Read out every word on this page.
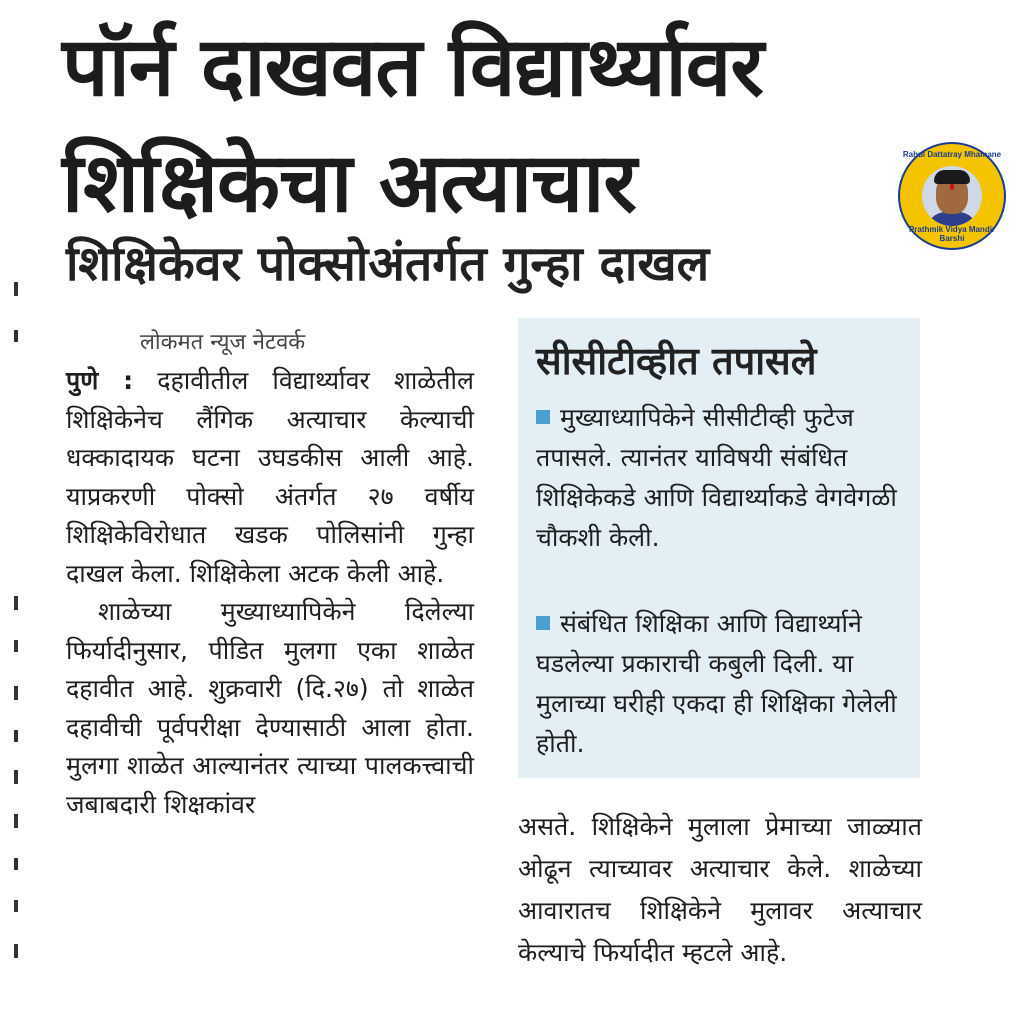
पॉर्न दाखवत विद्यार्थ्यावर
शिक्षिकेचा अत्याचार	Rahul Dattatray Mhamane
Prathmik Vidya Mandir Barshi
शिक्षिकेवर पोक्सोअंतर्गत गुन्हा दाखल
लोकमत न्यूज नेटवर्क

पुणे : दहावीतील विद्यार्थ्यावर शाळेतील शिक्षिकेनेच लैंगिक अत्याचार केल्याची धक्कादायक घटना उघडकीस आली आहे. याप्रकरणी पोक्सो अंतर्गत २७ वर्षीय शिक्षिकेविरोधात खडक पोलिसांनी गुन्हा दाखल केला. शिक्षिकेला अटक केली आहे.

शाळेच्या मुख्याध्यापिकेने दिलेल्या फिर्यादीनुसार, पीडित मुलगा एका शाळेत दहावीत आहे. शुक्रवारी (दि.२७) तो शाळेत दहावीची पूर्वपरीक्षा देण्यासाठी आला होता. मुलगा शाळेत आल्यानंतर त्याच्या पालकत्त्वाची जबाबदारी शिक्षकांवर

सीसीटीव्हीत तपासले

मुख्याध्यापिकेने सीसीटीव्ही फुटेज तपासले. त्यानंतर याविषयी संबंधित शिक्षिकेकडे आणि विद्यार्थ्याकडे वेगवेगळी चौकशी केली.

संबंधित शिक्षिका आणि विद्यार्थ्याने घडलेल्या प्रकाराची कबुली दिली. या मुलाच्या घरीही एकदा ही शिक्षिका गेलेली होती.

असते. शिक्षिकेने मुलाला प्रेमाच्या जाळ्यात ओढून त्याच्यावर अत्याचार केले. शाळेच्या आवारातच शिक्षिकेने मुलावर अत्याचार केल्याचे फिर्यादीत म्हटले आहे.
